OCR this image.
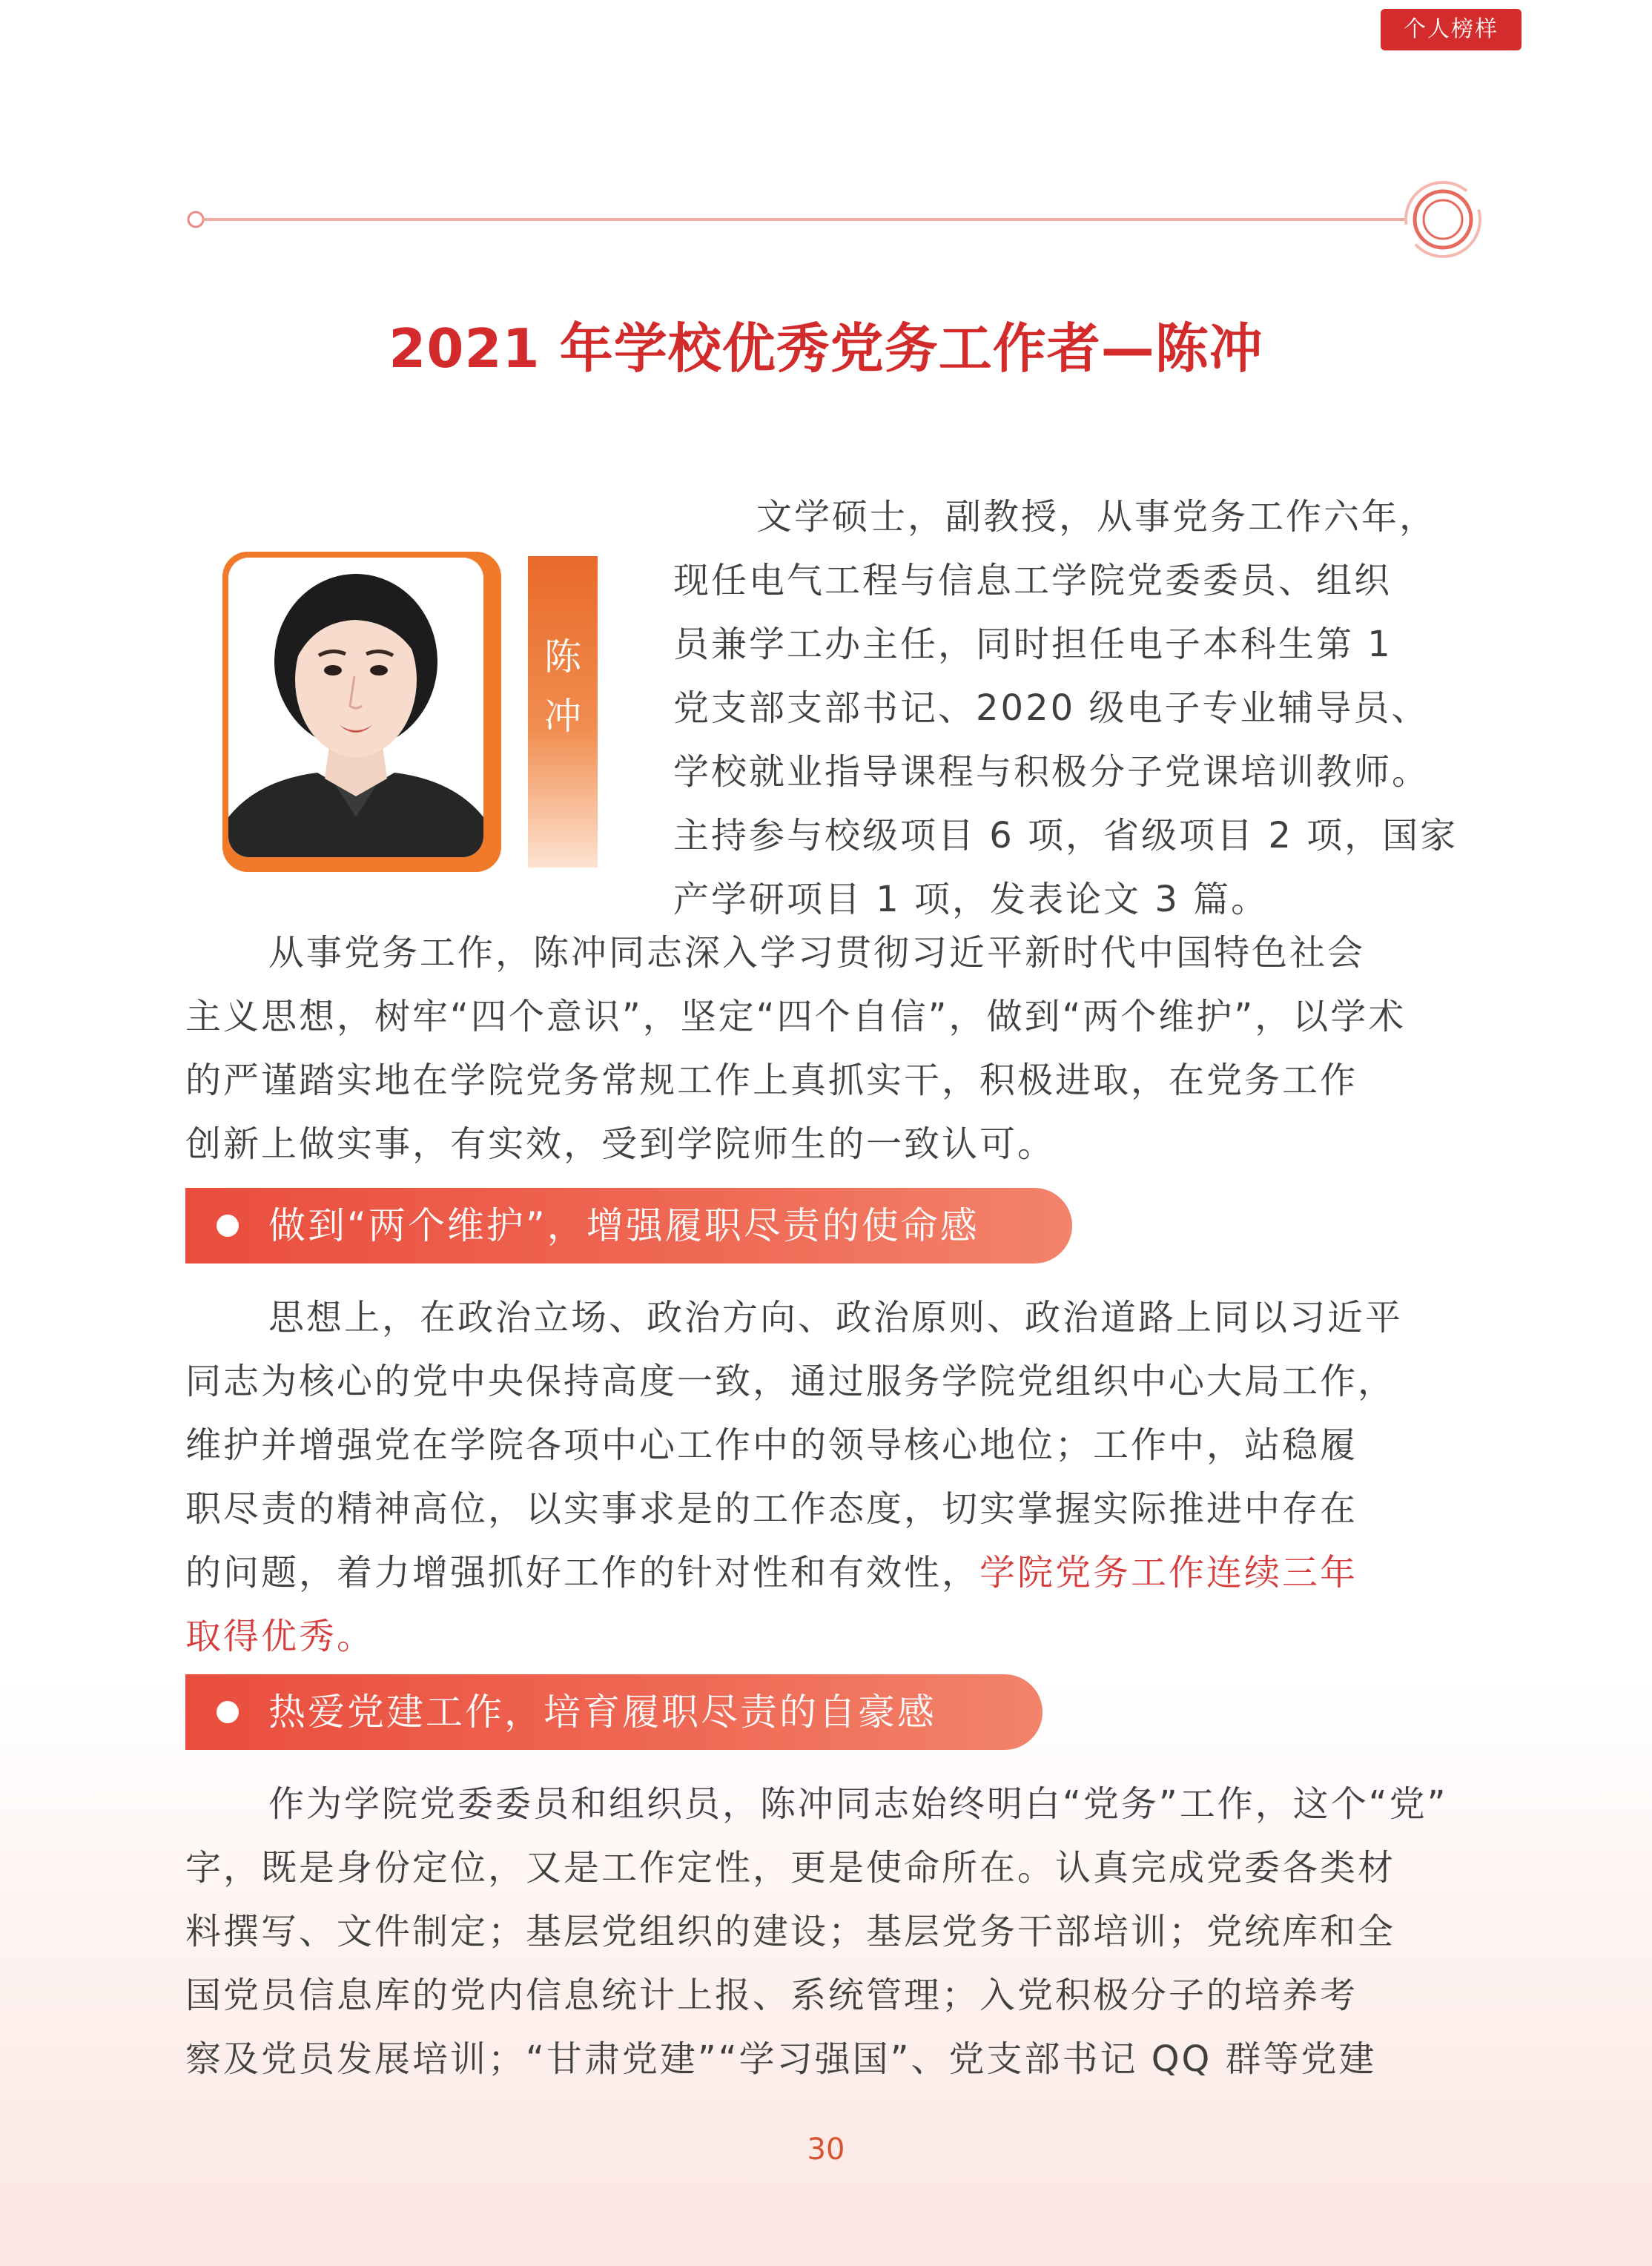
个人榜样
2021 年学校优秀党务工作者—陈冲
陈
冲
文学硕士，副教授，从事党务工作六年，
现任电气工程与信息工学院党委委员、组织
员兼学工办主任，同时担任电子本科生第 1
党支部支部书记、2020 级电子专业辅导员、
学校就业指导课程与积极分子党课培训教师。
主持参与校级项目 6 项，省级项目 2 项，国家
产学研项目 1 项，发表论文 3 篇。
从事党务工作，陈冲同志深入学习贯彻习近平新时代中国特色社会
主义思想，树牢“四个意识”，坚定“四个自信”，做到“两个维护”，以学术
的严谨踏实地在学院党务常规工作上真抓实干，积极进取，在党务工作
创新上做实事，有实效，受到学院师生的一致认可。
做到“两个维护”，增强履职尽责的使命感
思想上，在政治立场、政治方向、政治原则、政治道路上同以习近平
同志为核心的党中央保持高度一致，通过服务学院党组织中心大局工作，
维护并增强党在学院各项中心工作中的领导核心地位；工作中，站稳履
职尽责的精神高位，以实事求是的工作态度，切实掌握实际推进中存在
的问题，着力增强抓好工作的针对性和有效性，学院党务工作连续三年
取得优秀。
热爱党建工作，培育履职尽责的自豪感
作为学院党委委员和组织员，陈冲同志始终明白“党务”工作，这个“党”
字，既是身份定位，又是工作定性，更是使命所在。认真完成党委各类材
料撰写、文件制定；基层党组织的建设；基层党务干部培训；党统库和全
国党员信息库的党内信息统计上报、系统管理；入党积极分子的培养考
察及党员发展培训；“甘肃党建”“学习强国”、党支部书记 QQ 群等党建
30
